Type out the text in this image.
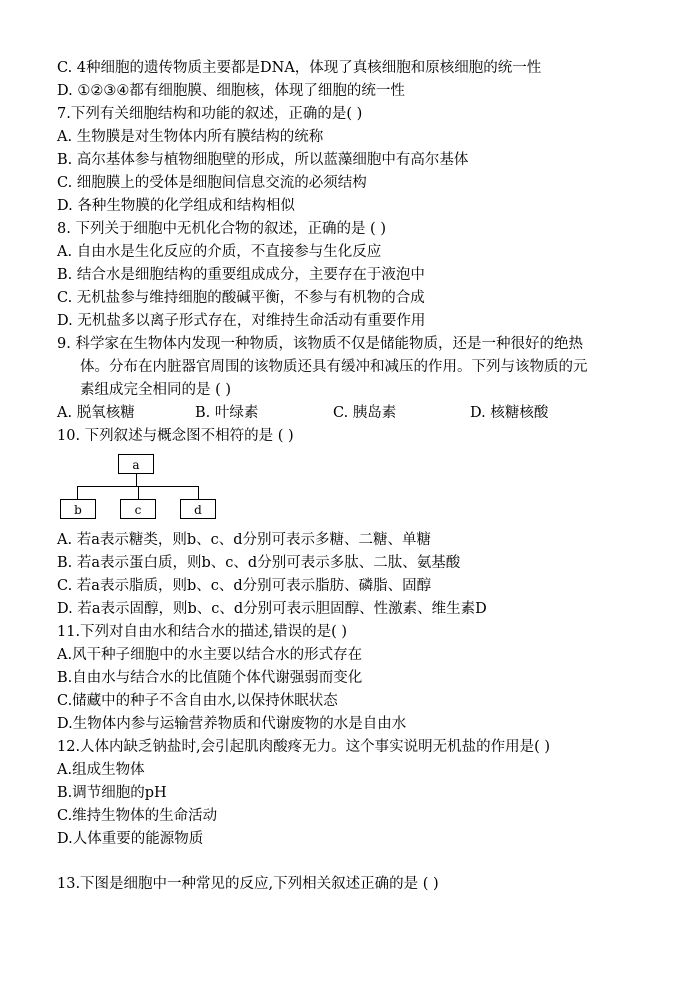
C. 4种细胞的遗传物质主要都是DNA，体现了真核细胞和原核细胞的统一性
D. ①②③④都有细胞膜、细胞核，体现了细胞的统一性
7.下列有关细胞结构和功能的叙述，正确的是( )
A. 生物膜是对生物体内所有膜结构的统称
B. 高尔基体参与植物细胞壁的形成，所以蓝藻细胞中有高尔基体
C. 细胞膜上的受体是细胞间信息交流的必须结构
D. 各种生物膜的化学组成和结构相似
8. 下列关于细胞中无机化合物的叙述，正确的是 ( )
A. 自由水是生化反应的介质，不直接参与生化反应
B. 结合水是细胞结构的重要组成成分，主要存在于液泡中
C. 无机盐参与维持细胞的酸碱平衡，不参与有机物的合成
D. 无机盐多以离子形式存在，对维持生命活动有重要作用
9. 科学家在生物体内发现一种物质，该物质不仅是储能物质，还是一种很好的绝热
体。分布在内脏器官周围的该物质还具有缓冲和减压的作用。下列与该物质的元
素组成完全相同的是 ( )
A. 脱氧核糖	B. 叶绿素	C. 胰岛素	D. 核糖核酸
10. 下列叙述与概念图不相符的是 ( )
a
b	c	d
A. 若a表示糖类，则b、c、d分别可表示多糖、二糖、单糖
B. 若a表示蛋白质，则b、c、d分别可表示多肽、二肽、氨基酸
C. 若a表示脂质，则b、c、d分别可表示脂肪、磷脂、固醇
D. 若a表示固醇，则b、c、d分别可表示胆固醇、性激素、维生素D
11.下列对自由水和结合水的描述,错误的是( )
A.风干种子细胞中的水主要以结合水的形式存在
B.自由水与结合水的比值随个体代谢强弱而变化
C.储藏中的种子不含自由水,以保持休眠状态
D.生物体内参与运输营养物质和代谢废物的水是自由水
12.人体内缺乏钠盐时,会引起肌肉酸疼无力。这个事实说明无机盐的作用是( )
A.组成生物体
B.调节细胞的pH
C.维持生物体的生命活动
D.人体重要的能源物质
13.下图是细胞中一种常见的反应,下列相关叙述正确的是 ( )
